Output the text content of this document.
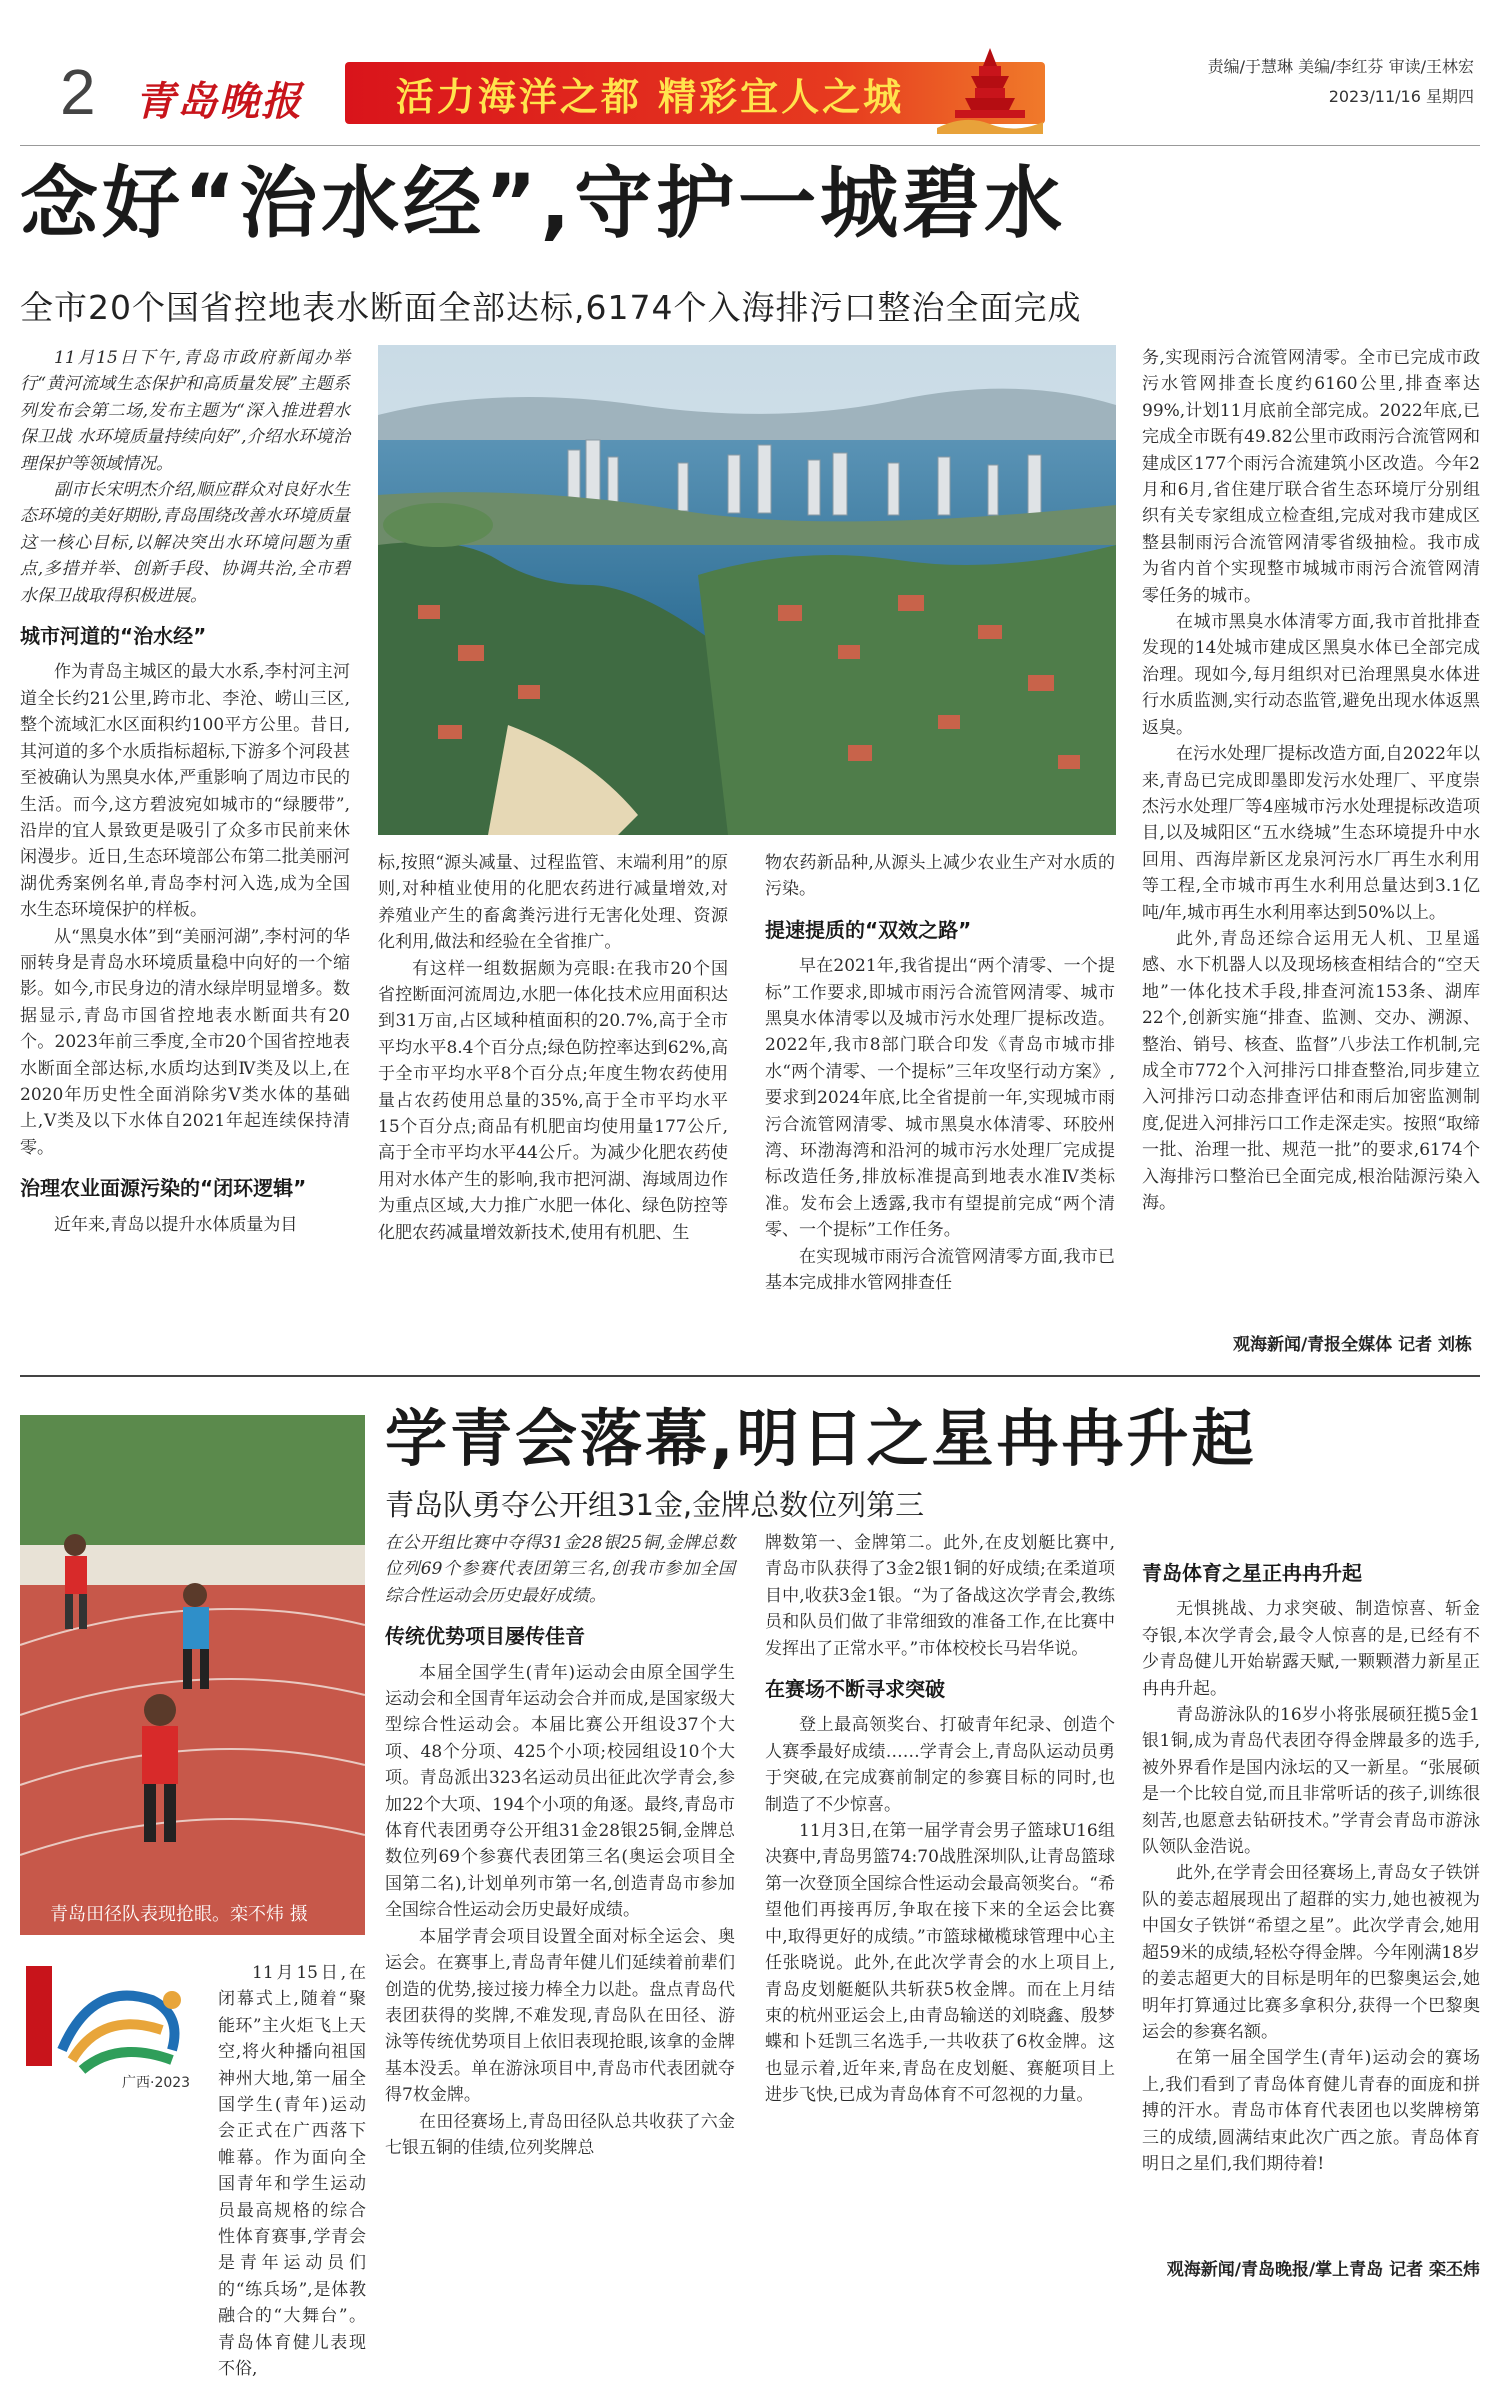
2 青岛晚报	活力海洋之都 精彩宜人之城
责编/于慧琳 美编/李红芬 审读/王林宏
2023/11/16 星期四
念好“治水经”,守护一城碧水
全市20个国省控地表水断面全部达标,6174个入海排污口整治全面完成

11月15日下午,青岛市政府新闻办举行“黄河流域生态保护和高质量发展”主题系列发布会第二场,发布主题为“深入推进碧水保卫战 水环境质量持续向好”,介绍水环境治理保护等领域情况。

副市长宋明杰介绍,顺应群众对良好水生态环境的美好期盼,青岛围绕改善水环境质量这一核心目标,以解决突出水环境问题为重点,多措并举、创新手段、协调共治,全市碧水保卫战取得积极进展。

城市河道的“治水经”

作为青岛主城区的最大水系,李村河主河道全长约21公里,跨市北、李沧、崂山三区,整个流域汇水区面积约100平方公里。昔日,其河道的多个水质指标超标,下游多个河段甚至被确认为黑臭水体,严重影响了周边市民的生活。而今,这方碧波宛如城市的“绿腰带”,沿岸的宜人景致更是吸引了众多市民前来休闲漫步。近日,生态环境部公布第二批美丽河湖优秀案例名单,青岛李村河入选,成为全国水生态环境保护的样板。

从“黑臭水体”到“美丽河湖”,李村河的华丽转身是青岛水环境质量稳中向好的一个缩影。如今,市民身边的清水绿岸明显增多。数据显示,青岛市国省控地表水断面共有20个。2023年前三季度,全市20个国省控地表水断面全部达标,水质均达到Ⅳ类及以上,在2020年历史性全面消除劣Ⅴ类水体的基础上,Ⅴ类及以下水体自2021年起连续保持清零。

治理农业面源污染的“闭环逻辑”

近年来,青岛以提升水体质量为目

标,按照“源头减量、过程监管、末端利用”的原则,对种植业使用的化肥农药进行减量增效,对养殖业产生的畜禽粪污进行无害化处理、资源化利用,做法和经验在全省推广。

有这样一组数据颇为亮眼:在我市20个国省控断面河流周边,水肥一体化技术应用面积达到31万亩,占区域种植面积的20.7%,高于全市平均水平8.4个百分点;绿色防控率达到62%,高于全市平均水平8个百分点;年度生物农药使用量占农药使用总量的35%,高于全市平均水平15个百分点;商品有机肥亩均使用量177公斤,高于全市平均水平44公斤。为减少化肥农药使用对水体产生的影响,我市把河湖、海域周边作为重点区域,大力推广水肥一体化、绿色防控等化肥农药减量增效新技术,使用有机肥、生

物农药新品种,从源头上减少农业生产对水质的污染。

提速提质的“双效之路”

早在2021年,我省提出“两个清零、一个提标”工作要求,即城市雨污合流管网清零、城市黑臭水体清零以及城市污水处理厂提标改造。2022年,我市8部门联合印发《青岛市城市排水“两个清零、一个提标”三年攻坚行动方案》,要求到2024年底,比全省提前一年,实现城市雨污合流管网清零、城市黑臭水体清零、环胶州湾、环渤海湾和沿河的城市污水处理厂完成提标改造任务,排放标准提高到地表水准Ⅳ类标准。发布会上透露,我市有望提前完成“两个清零、一个提标”工作任务。

在实现城市雨污合流管网清零方面,我市已基本完成排水管网排查任

务,实现雨污合流管网清零。全市已完成市政污水管网排查长度约6160公里,排查率达99%,计划11月底前全部完成。2022年底,已完成全市既有49.82公里市政雨污合流管网和建成区177个雨污合流建筑小区改造。今年2月和6月,省住建厅联合省生态环境厅分别组织有关专家组成立检查组,完成对我市建成区整县制雨污合流管网清零省级抽检。我市成为省内首个实现整市城城市雨污合流管网清零任务的城市。

在城市黑臭水体清零方面,我市首批排查发现的14处城市建成区黑臭水体已全部完成治理。现如今,每月组织对已治理黑臭水体进行水质监测,实行动态监管,避免出现水体返黑返臭。

在污水处理厂提标改造方面,自2022年以来,青岛已完成即墨即发污水处理厂、平度崇杰污水处理厂等4座城市污水处理提标改造项目,以及城阳区“五水绕城”生态环境提升中水回用、西海岸新区龙泉河污水厂再生水利用等工程,全市城市再生水利用总量达到3.1亿吨/年,城市再生水利用率达到50%以上。

此外,青岛还综合运用无人机、卫星遥感、水下机器人以及现场核查相结合的“空天地”一体化技术手段,排查河流153条、湖库22个,创新实施“排查、监测、交办、溯源、整治、销号、核查、监督”八步法工作机制,完成全市772个入河排污口排查整治,同步建立入河排污口动态排查评估和雨后加密监测制度,促进入河排污口工作走深走实。按照“取缔一批、治理一批、规范一批”的要求,6174个入海排污口整治已全面完成,根治陆源污染入海。

观海新闻/青报全媒体 记者 刘栋
青岛田径队表现抢眼。栾不炜 摄
学青会落幕,明日之星冉冉升起
青岛队勇夺公开组31金,金牌总数位列第三
广西·2023

11月15日,在闭幕式上,随着“聚能环”主火炬飞上天空,将火种播向祖国神州大地,第一届全国学生(青年)运动会正式在广西落下帷幕。作为面向全国青年和学生运动员最高规格的综合性体育赛事,学青会是青年运动员们的“练兵场”,是体教融合的“大舞台”。青岛体育健儿表现不俗,

在公开组比赛中夺得31金28银25铜,金牌总数位列69个参赛代表团第三名,创我市参加全国综合性运动会历史最好成绩。

传统优势项目屡传佳音

本届全国学生(青年)运动会由原全国学生运动会和全国青年运动会合并而成,是国家级大型综合性运动会。本届比赛公开组设37个大项、48个分项、425个小项;校园组设10个大项。青岛派出323名运动员出征此次学青会,参加22个大项、194个小项的角逐。最终,青岛市体育代表团勇夺公开组31金28银25铜,金牌总数位列69个参赛代表团第三名(奥运会项目全国第二名),计划单列市第一名,创造青岛市参加全国综合性运动会历史最好成绩。

本届学青会项目设置全面对标全运会、奥运会。在赛事上,青岛青年健儿们延续着前辈们创造的优势,接过接力棒全力以赴。盘点青岛代表团获得的奖牌,不难发现,青岛队在田径、游泳等传统优势项目上依旧表现抢眼,该拿的金牌基本没丢。单在游泳项目中,青岛市代表团就夺得7枚金牌。

在田径赛场上,青岛田径队总共收获了六金七银五铜的佳绩,位列奖牌总

牌数第一、金牌第二。此外,在皮划艇比赛中,青岛市队获得了3金2银1铜的好成绩;在柔道项目中,收获3金1银。“为了备战这次学青会,教练员和队员们做了非常细致的准备工作,在比赛中发挥出了正常水平。”市体校校长马岩华说。

在赛场不断寻求突破

登上最高领奖台、打破青年纪录、创造个人赛季最好成绩……学青会上,青岛队运动员勇于突破,在完成赛前制定的参赛目标的同时,也制造了不少惊喜。

11月3日,在第一届学青会男子篮球U16组决赛中,青岛男篮74:70战胜深圳队,让青岛篮球第一次登顶全国综合性运动会最高领奖台。“希望他们再接再厉,争取在接下来的全运会比赛中,取得更好的成绩。”市篮球橄榄球管理中心主任张晓说。此外,在此次学青会的水上项目上,青岛皮划艇艇队共斩获5枚金牌。而在上月结束的杭州亚运会上,由青岛输送的刘晓鑫、殷梦蝶和卜廷凯三名选手,一共收获了6枚金牌。这也显示着,近年来,青岛在皮划艇、赛艇项目上进步飞快,已成为青岛体育不可忽视的力量。

青岛体育之星正冉冉升起

无惧挑战、力求突破、制造惊喜、斩金夺银,本次学青会,最令人惊喜的是,已经有不少青岛健儿开始崭露天赋,一颗颗潜力新星正冉冉升起。

青岛游泳队的16岁小将张展硕狂揽5金1银1铜,成为青岛代表团夺得金牌最多的选手,被外界看作是国内泳坛的又一新星。“张展硕是一个比较自觉,而且非常听话的孩子,训练很刻苦,也愿意去钻研技术。”学青会青岛市游泳队领队金浩说。

此外,在学青会田径赛场上,青岛女子铁饼队的姜志超展现出了超群的实力,她也被视为中国女子铁饼“希望之星”。此次学青会,她用超59米的成绩,轻松夺得金牌。今年刚满18岁的姜志超更大的目标是明年的巴黎奥运会,她明年打算通过比赛多拿积分,获得一个巴黎奥运会的参赛名额。

在第一届全国学生(青年)运动会的赛场上,我们看到了青岛体育健儿青春的面庞和拼搏的汗水。青岛市体育代表团也以奖牌榜第三的成绩,圆满结束此次广西之旅。青岛体育明日之星们,我们期待着!

观海新闻/青岛晚报/掌上青岛 记者 栾丕炜
